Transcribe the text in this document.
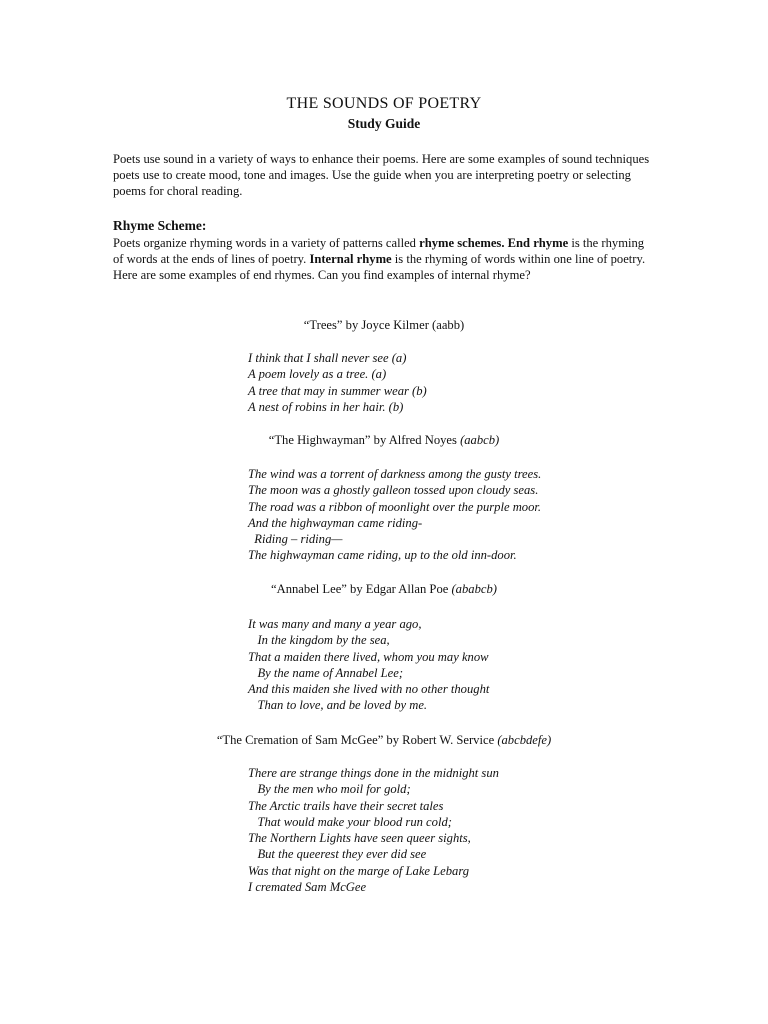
THE SOUNDS OF POETRY
Study Guide
Poets use sound in a variety of ways to enhance their poems. Here are some examples of sound techniques poets use to create mood, tone and images. Use the guide when you are interpreting poetry or selecting poems for choral reading.
Rhyme Scheme:
Poets organize rhyming words in a variety of patterns called rhyme schemes. End rhyme is the rhyming of words at the ends of lines of poetry. Internal rhyme is the rhyming of words within one line of poetry. Here are some examples of end rhymes. Can you find examples of internal rhyme?
“Trees” by Joyce Kilmer (aabb)
I think that I shall never see (a)
A poem lovely as a tree. (a)
A tree that may in summer wear (b)
A nest of robins in her hair. (b)
“The Highwayman” by Alfred Noyes (aabcb)
The wind was a torrent of darkness among the gusty trees.
The moon was a ghostly galleon tossed upon cloudy seas.
The road was a ribbon of moonlight over the purple moor.
And the highwayman came riding-
Riding – riding—
The highwayman came riding, up to the old inn-door.
“Annabel Lee” by Edgar Allan Poe (ababcb)
It was many and many a year ago,
In the kingdom by the sea,
That a maiden there lived, whom you may know
By the name of Annabel Lee;
And this maiden she lived with no other thought
Than to love, and be loved by me.
“The Cremation of Sam McGee” by Robert W. Service (abcbdefe)
There are strange things done in the midnight sun
By the men who moil for gold;
The Arctic trails have their secret tales
That would make your blood run cold;
The Northern Lights have seen queer sights,
But the queerest they ever did see
Was that night on the marge of Lake Lebarg
I cremated Sam McGee
